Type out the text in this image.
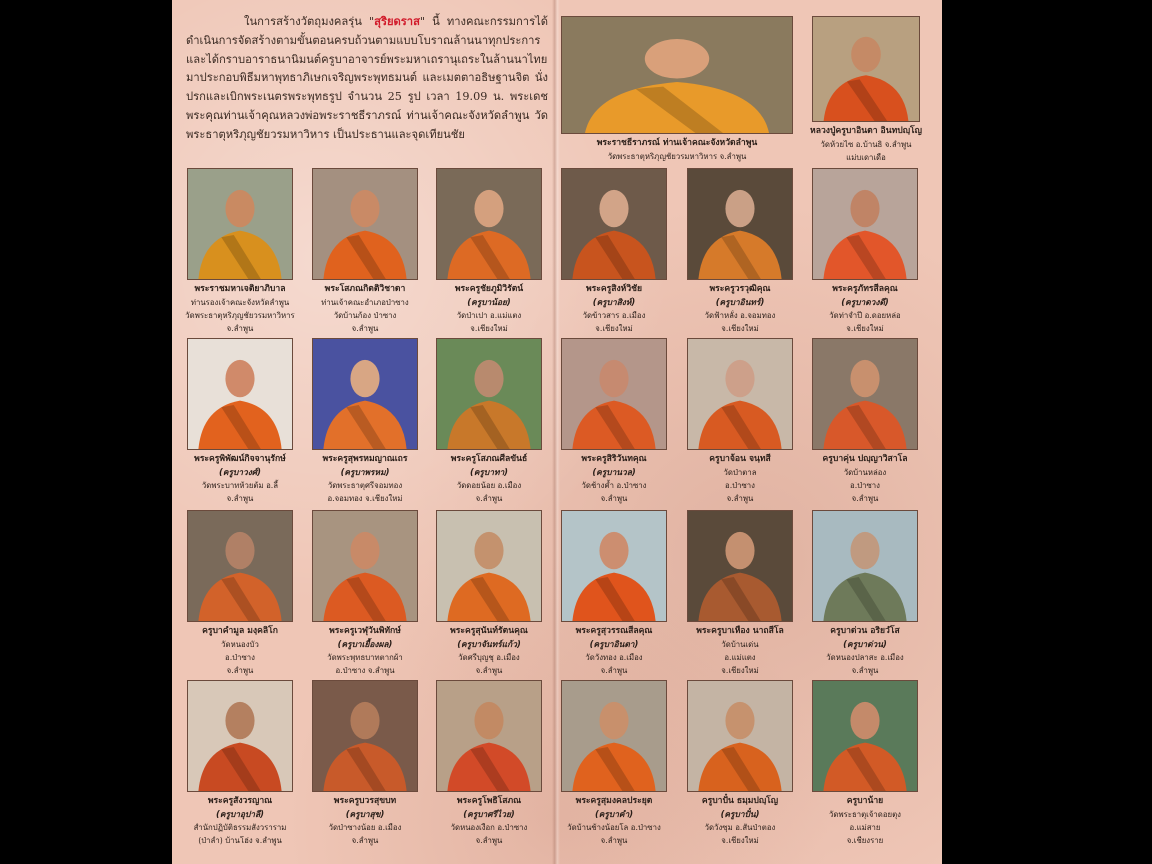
ในการสร้างวัตถุมงคลรุ่น "สุริยดราส" นี้ ทางคณะกรรมการได้ดำเนินการจัดสร้างตามขั้นตอนครบถ้วนตามแบบโบราณล้านนาทุกประการ และได้กราบอาราธนานิมนต์ครูบาอาจารย์พระมหาเถรานุเถระในล้านนาไทยมาประกอบพิธีมหาพุทธาภิเษกเจริญพระพุทธมนต์ และเมตตาอธิษฐานจิต นั่งปรกและเบิกพระเนตรพระพุทธรูป จำนวน 25 รูป เวลา 19.09 น. พระเดชพระคุณท่านเจ้าคุณหลวงพ่อพระราชธีราภรณ์ ท่านเจ้าคณะจังหวัดลำพูน วัดพระธาตุหริภุญชัยวรมหาวิหาร เป็นประธานและจุดเทียนชัย

พระราชธีราภรณ์ ท่านเจ้าคณะจังหวัดลำพูน
วัดพระธาตุหริภุญชัยวรมหาวิหาร จ.ลำพูน
หลวงปู่ครูบาอินตา อินทปญฺโญ
วัดห้วยไซ อ.บ้านธิ จ.ลำพูน
แม่บเดาเดือ
พระราชมหาเจติยาภิบาล
ท่านรองเจ้าคณะจังหวัดลำพูน
วัดพระธาตุหริภุญชัยวรมหาวิหาร
จ.ลำพูน
พระโสภณกิตติวิชาดา
ท่านเจ้าคณะอำเภอป่าซาง
วัดบ้านก้อง ป่าซาง
จ.ลำพูน
พระครูชัยภูมิวิรัตน์
(ครูบาน้อย)
วัดป่าเปา อ.แม่แตง
จ.เชียงใหม่
พระครูสิงห์วิชัย
(ครูบาสิงห์)
วัดข้าวสาร อ.เมือง
จ.เชียงใหม่
พระครูวรวุฒิคุณ
(ครูบาอินทร์)
วัดฟ้าหลั่ง อ.จอมทอง
จ.เชียงใหม่
พระครูภัทรสีลคุณ
(ครูบาดวงดี)
วัดท่าจำปี อ.ดอยหล่อ
จ.เชียงใหม่
พระครูพิพัฒน์กิจจานุรักษ์
(ครูบาวงศ์)
วัดพระบาทห้วยต้ม อ.ลี้
จ.ลำพูน
พระครูสุพรหมญาณเถร
(ครูบาพรหม)
วัดพระธาตุศรีจอมทอง
อ.จอมทอง จ.เชียงใหม่
พระครูโสภณศีลขันธ์
(ครูบาทา)
วัดดอยน้อย อ.เมือง
จ.ลำพูน
พระครูสิริวันทคุณ
(ครูบานวล)
วัดช้างค้ำ อ.ป่าซาง
จ.ลำพูน
ครูบาจ้อน จนฺทสี
วัดป่าตาล
อ.ป่าซาง
จ.ลำพูน
ครูบาคุ่น ปญฺญาวิสาโล
วัดบ้านหล่อง
อ.ป่าซาง
จ.ลำพูน
ครูบาคำมูล มงฺคลิโก
วัดหนองบัว
อ.ป่าซาง
จ.ลำพูน
พระครูเวฬุวันพิทักษ์
(ครูบาเยื้องผล)
วัดพระพุทธบาทตากผ้า
อ.ป่าซาง จ.ลำพูน
พระครูสุนันท์รัตนคุณ
(ครูบาจันทร์แก้ว)
วัดศรีบุญชุ อ.เมือง
จ.ลำพูน
พระครูสุวรรณสีลคุณ
(ครูบาอินตา)
วัดวังทอง อ.เมือง
จ.ลำพูน
พระครูบาเหือง นาถสีโล
วัดบ้านเด่น
อ.แม่แตง
จ.เชียงใหม่
ครูบาด่วน อริยวํโส
(ครูบาด่วน)
วัดหนองปลาสะ อ.เมือง
จ.ลำพูน
พระครูสังวรญาณ
(ครูบาอุปาลี)
สำนักปฏิบัติธรรมสังวราราม
(ป่าลำ) บ้านโฮ่ง จ.ลำพูน
พระครูบวรสุขบท
(ครูบาสุข)
วัดป่าซางน้อย อ.เมือง
จ.ลำพูน
พระครูโพธิโสภณ
(ครูบาศรีไวย)
วัดหนองเงือก อ.ป่าซาง
จ.ลำพูน
พระครูสุมงคลประยุต
(ครูบาคำ)
วัดบ้านช้างน้อยโล อ.ป่าซาง
จ.ลำพูน
ครูบาปั๋น ธมฺมปญฺโญ
(ครูบาปั๋น)
วัดวังซุม อ.สันป่าตอง
จ.เชียงใหม่
ครูบาน้าย
วัดพระธาตุเจ้าดอยตุง
อ.แม่สาย
จ.เชียงราย
